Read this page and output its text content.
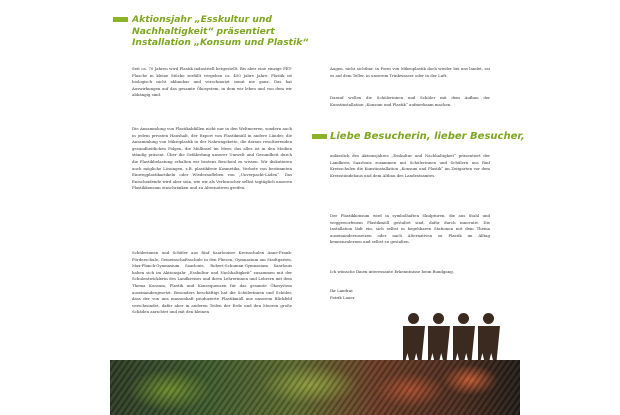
Aktionsjahr „Esskultur und Nachhaltigkeit“ präsentiert Installation „Konsum und Plastik“
Seit ca. 70 Jahren wird Plastik industriell hergestellt. Bis aber eine einzige PET-Flasche in kleine Stücke zerfällt vergehen ca. 450 Jahre Jahre. Plastik ist biologisch nicht abbaubar und verschmutzt somit nie ganz. Das hat Auswirkungen auf das gesamte Ökosystem, in dem wir leben und von dem wir abhängig sind.
Die Ansammlung von Plastikabfällen nicht nur in den Weltmeeren, sondern auch in jedem privaten Haushalt, der Export von Plastikmüll in andere Länder, die Ansammlung von Mikroplastik in der Nahrungskette, die daraus resultierenden gesundheitlichen Folgen, die Müllinsel im Meer, das alles ist in den Medien ständig präsent. Über die Gefährdung unserer Umwelt und Gesundheit durch die Plastikbelastung erhalten wir bestens Bescheid zu wissen. Wir diskutieren auch mögliche Lösungen, z.B. plastikfreie Kosmetika, Verbote von bestimmten Einwegplastikartikeln oder Wiederaufleben von „Unverpackt-Läden“. Das Entscheidende wird aber sein, wie wir als Verbraucher selbst tagtäglich unseren Plastikkonsum einschränken und zu Alternativen greifen.
Schülerinnen und Schüler aus fünf Saarlouiser Kreisschulen Anne-Frank-Förderschule, Gemeinschaftsschule in den Fliesen, Gymnasium am Stadtgarten, Max-Planck-Gymnasium Saarlouis, Robert-Schuman-Gymnasium Saarlouis haben sich im Aktionsjahr „Esskultur und Nachhaltigkeit“ zusammen mit der Schulentwicklerin des Landkreises und ihren Lehrerinnen und Lehrern mit dem Thema Konsum, Plastik und Konsequenzen für das gesamte Ökosystem auseinandergesetzt. Besonders beschäftigt hat die Schülerinnen und Schüler, dass der von uns massenhaft produzierte Plastikmüll aus unserem Blickfeld verschwindet, dafür aber in anderen Teilen der Erde und den Meeren große Schäden anrichtet und mit den kleinen
Augen, nicht sichtbar, in Form von Mikroplastik doch wieder bei uns landet, sei es auf dem Teller, in unserem Trinkwasser oder in der Luft.
Darauf wollen die Schülerinnen und Schüler mit dem Aufbau der Kunstinstallation „Konsum und Plastik“ aufmerksam machen.
Liebe Besucherin, lieber Besucher,
anlässlich des Aktionsjahres „Esskultur und Nachhaltigkeit“ präsentiert der Landkreis Saarlouis zusammen mit Schülerinnen und Schülern aus fünf Kreisschulen die Kunstinstallation „Konsum und Plastik“ im Zeitgarten vor dem Kreisständehaus und dem Altbau des Landratsamtes.
Der Plastikkonsum wird in symbolhaften Skulpturen, die aus Stahl und weggeworfenem Plastikmüll gestaltet sind, dafür durch innovativ. Die Installation lädt ein, sich selbst in begehbaren Stationen mit dem Thema auseinanderzusetzen oder nach Alternativen zu Plastik im Alltag kennenzulernen und selbst zu gestalten.
Ich wünsche Ihnen interessante Erkenntnisse beim Rundgang.
Ihr Landrat
Patrik Lauer
